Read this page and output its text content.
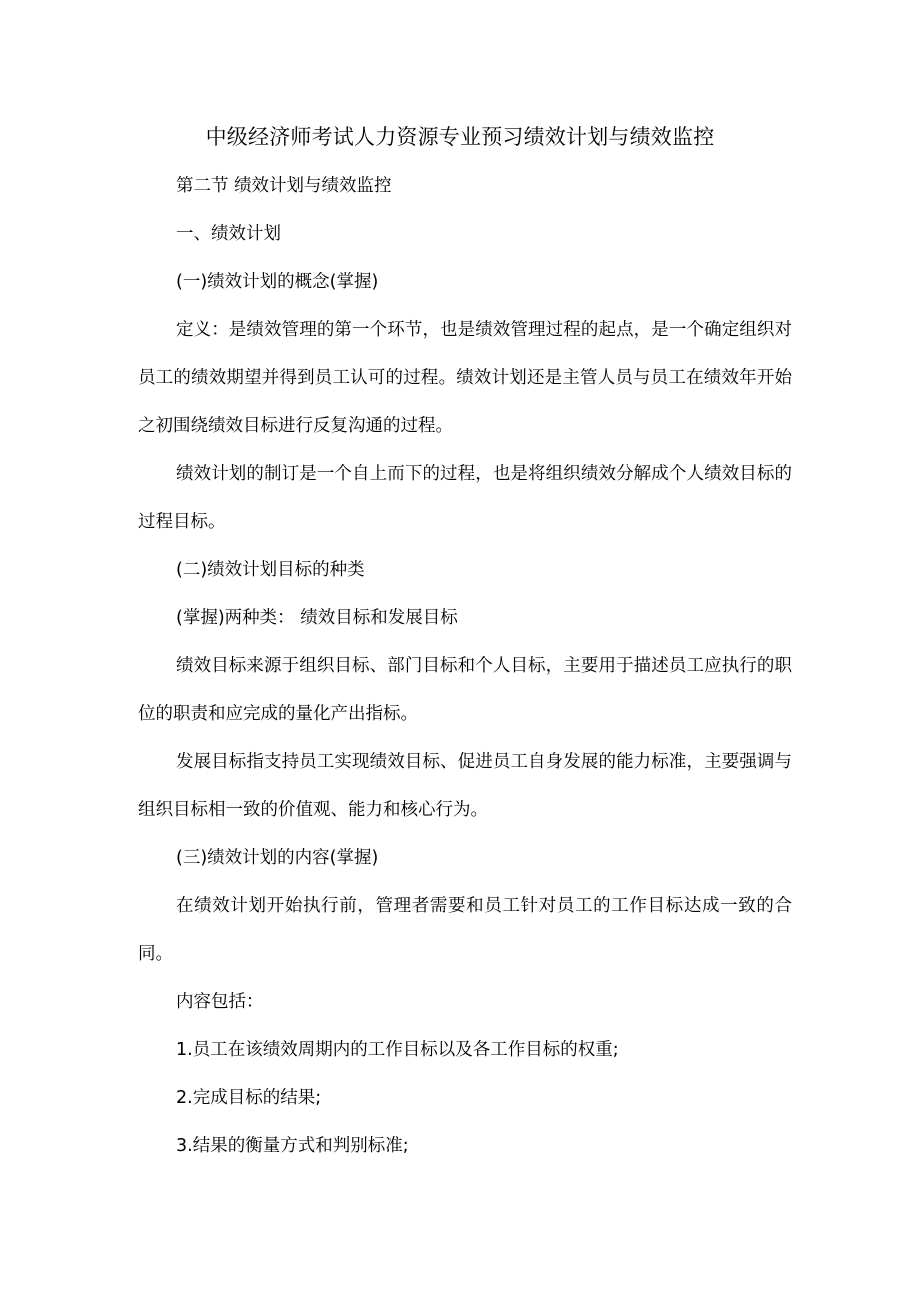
中级经济师考试人力资源专业预习绩效计划与绩效监控

第二节 绩效计划与绩效监控

一、绩效计划

(一)绩效计划的概念(掌握)

定义：是绩效管理的第一个环节，也是绩效管理过程的起点，是一个确定组织对员工的绩效期望并得到员工认可的过程。绩效计划还是主管人员与员工在绩效年开始之初围绕绩效目标进行反复沟通的过程。

绩效计划的制订是一个自上而下的过程，也是将组织绩效分解成个人绩效目标的过程目标。

(二)绩效计划目标的种类

(掌握)两种类： 绩效目标和发展目标

绩效目标来源于组织目标、部门目标和个人目标，主要用于描述员工应执行的职位的职责和应完成的量化产出指标。

发展目标指支持员工实现绩效目标、促进员工自身发展的能力标准，主要强调与组织目标相一致的价值观、能力和核心行为。

(三)绩效计划的内容(掌握)

在绩效计划开始执行前，管理者需要和员工针对员工的工作目标达成一致的合同。

内容包括：

1.员工在该绩效周期内的工作目标以及各工作目标的权重;

2.完成目标的结果;

3.结果的衡量方式和判别标准;
